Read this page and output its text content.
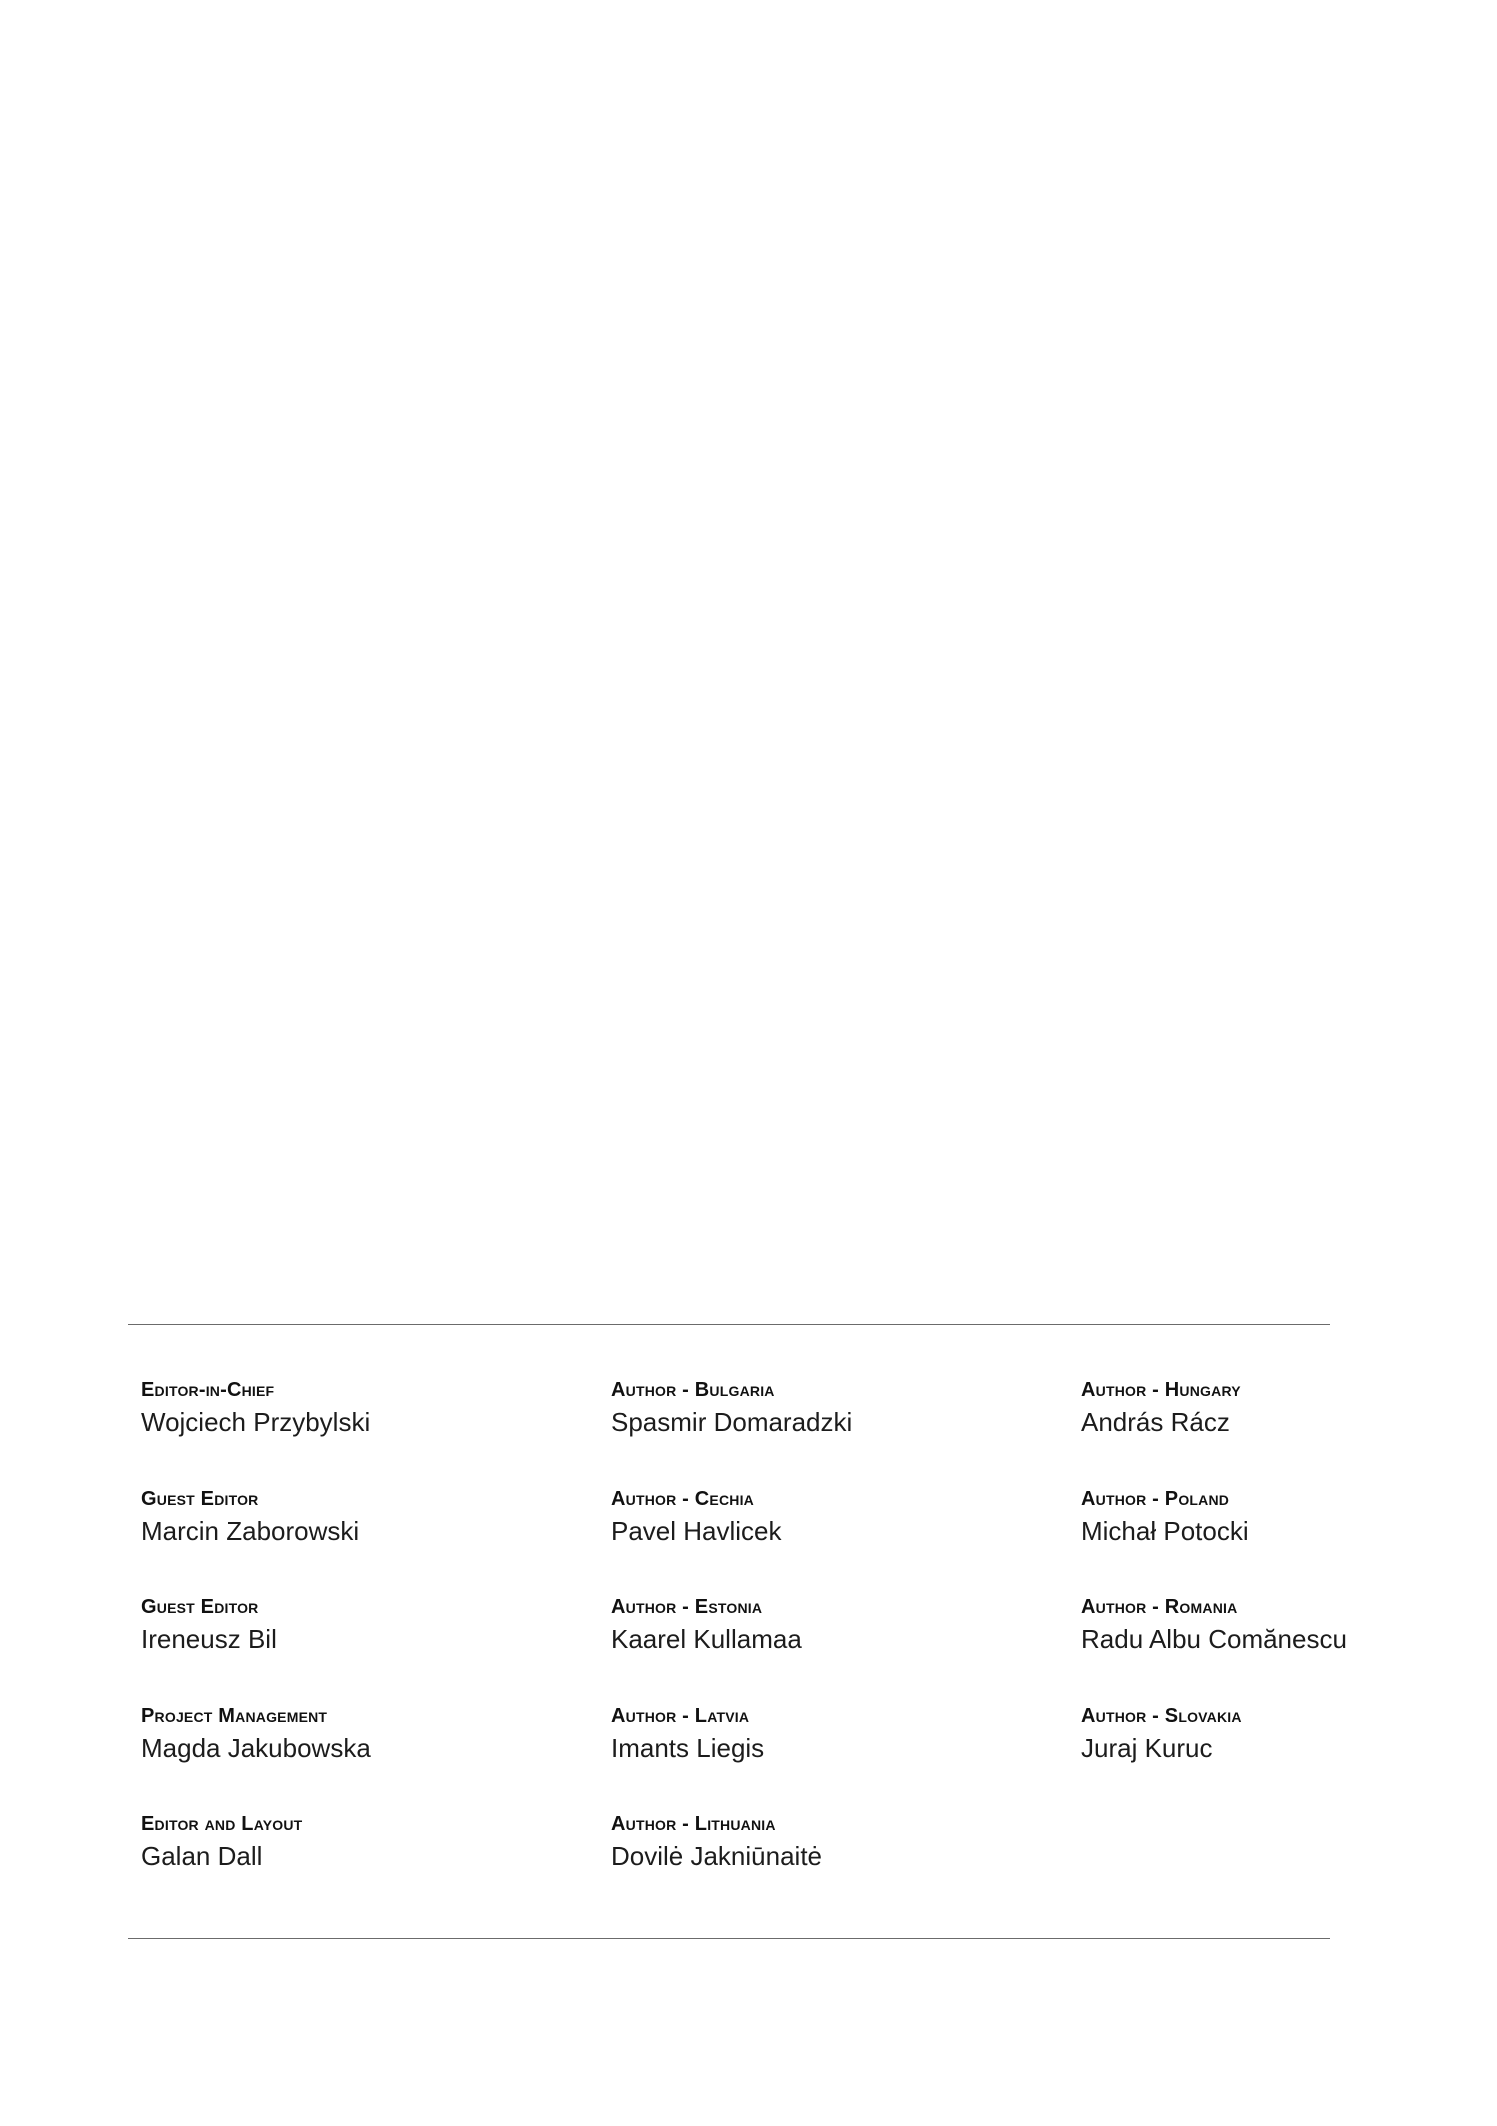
Editor-in-Chief
Wojciech Przybylski
Guest Editor
Marcin Zaborowski
Guest Editor
Ireneusz Bil
Project Management
Magda Jakubowska
Editor and Layout
Galan Dall
Author - Bulgaria
Spasmir Domaradzki
Author - Cechia
Pavel Havlicek
Author - Estonia
Kaarel Kullamaa
Author - Latvia
Imants Liegis
Author - Lithuania
Dovilė Jakniūnaitė
Author - Hungary
András Rácz
Author - Poland
Michał Potocki
Author - Romania
Radu Albu Comănescu
Author - Slovakia
Juraj Kuruc
